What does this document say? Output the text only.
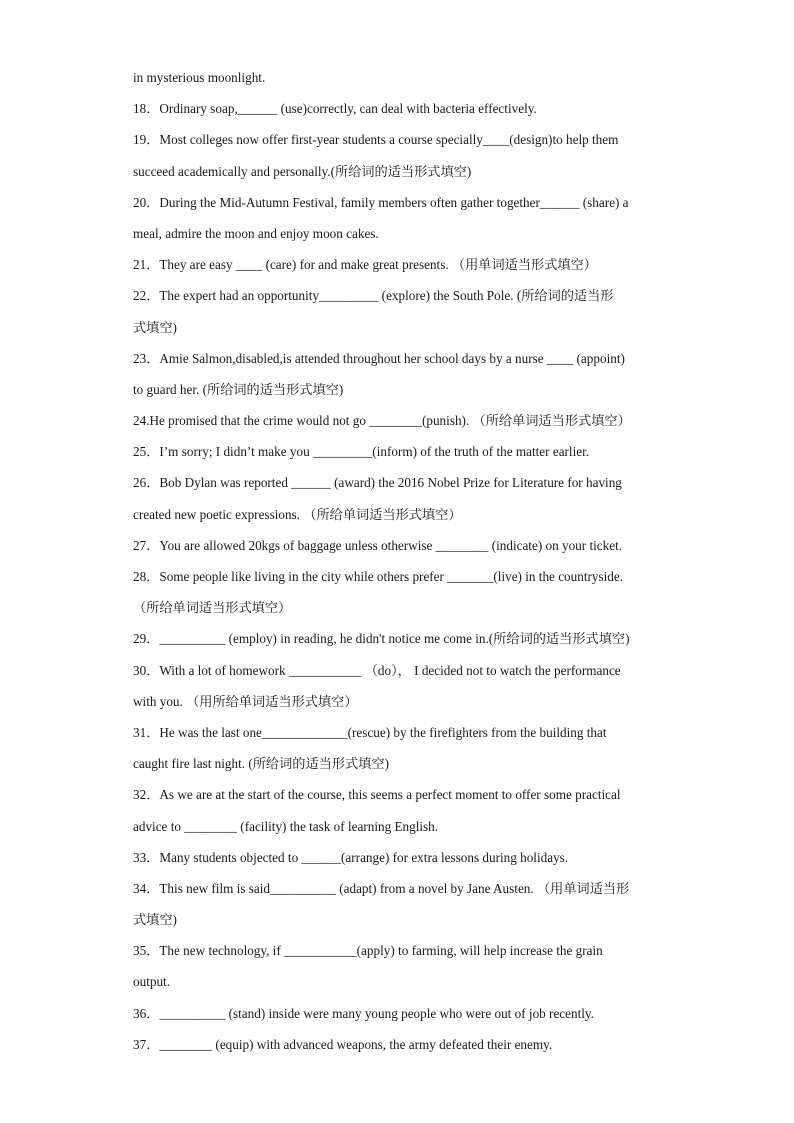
in mysterious moonlight.
18．Ordinary soap,______ (use)correctly, can deal with bacteria effectively.
19．Most colleges now offer first-year students a course specially____(design)to help them
succeed academically and personally.(所给词的适当形式填空)
20．During the Mid-Autumn Festival, family members often gather together______ (share) a
meal, admire the moon and enjoy moon cakes.
21．They are easy ____ (care) for and make great presents. （用单词适当形式填空）
22．The expert had an opportunity_________ (explore) the South Pole. (所给词的适当形
式填空)
23．Amie Salmon,disabled,is attended throughout her school days by a nurse ____ (appoint)
to guard her. (所给词的适当形式填空)
24.He promised that the crime would not go ________(punish). （所给单词适当形式填空）
25．I’m sorry; I didn’t make you _________(inform) of the truth of the matter earlier.
26．Bob Dylan was reported ______ (award) the 2016 Nobel Prize for Literature for having
created new poetic expressions. （所给单词适当形式填空）
27．You are allowed 20kgs of baggage unless otherwise ________ (indicate) on your ticket.
28．Some people like living in the city while others prefer _______(live) in the countryside.
（所给单词适当形式填空）
29．__________ (employ) in reading, he didn't notice me come in.(所给词的适当形式填空)
30．With a lot of homework ___________ （do）， I decided not to watch the performance
with you. （用所给单词适当形式填空）
31．He was the last one_____________(rescue) by the firefighters from the building that
caught fire last night. (所给词的适当形式填空)
32．As we are at the start of the course, this seems a perfect moment to offer some practical
advice to ________ (facility) the task of learning English.
33．Many students objected to ______(arrange) for extra lessons during holidays.
34．This new film is said__________ (adapt) from a novel by Jane Austen. （用单词适当形
式填空)
35．The new technology, if ___________(apply) to farming, will help increase the grain
output.
36．__________ (stand) inside were many young people who were out of job recently.
37．________ (equip) with advanced weapons, the army defeated their enemy.
